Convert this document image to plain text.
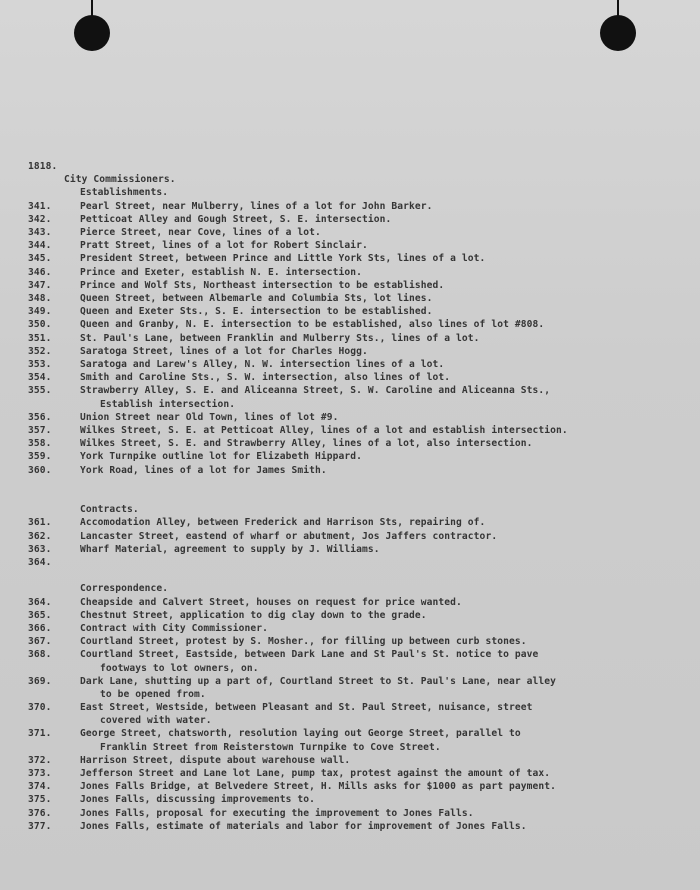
1818.
City Commissioners.
Establishments.
341.	Pearl Street, near Mulberry, lines of a lot for John Barker.
342.	Petticoat Alley and Gough Street, S. E. intersection.
343.	Pierce Street, near Cove, lines of a lot.
344.	Pratt Street, lines of a lot for Robert Sinclair.
345.	President Street, between Prince and Little York Sts, lines of a lot.
346.	Prince and Exeter, establish N. E. intersection.
347.	Prince and Wolf Sts, Northeast intersection to be established.
348.	Queen Street, between Albemarle and Columbia Sts, lot lines.
349.	Queen and Exeter Sts., S. E. intersection to be established.
350.	Queen and Granby, N. E. intersection to be established, also lines of lot #808.
351.	St. Paul's Lane, between Franklin and Mulberry Sts., lines of a lot.
352.	Saratoga Street, lines of a lot for Charles Hogg.
353.	Saratoga and Larew's Alley, N. W. intersection lines of a lot.
354.	Smith and Caroline Sts., S. W. intersection, also lines of lot.
355.	Strawberry Alley, S. E. and Aliceanna Street, S. W. Caroline and Aliceanna Sts.,
Establish intersection.
356.	Union Street near Old Town, lines of lot #9.
357.	Wilkes Street, S. E. at Petticoat Alley, lines of a lot and establish intersection.
358.	Wilkes Street, S. E. and Strawberry Alley, lines of a lot, also intersection.
359.	York Turnpike outline lot for Elizabeth Hippard.
360.	York Road, lines of a lot for James Smith.
Contracts.
361.	Accomodation Alley, between Frederick and Harrison Sts, repairing of.
362.	Lancaster Street, eastend of wharf or abutment, Jos Jaffers contractor.
363.	Wharf Material, agreement to supply by J. Williams.
364.
Correspondence.
364.	Cheapside and Calvert Street, houses on request for price wanted.
365.	Chestnut Street, application to dig clay down to the grade.
366.	Contract with City Commissioner.
367.	Courtland Street, protest by S. Mosher., for filling up between curb stones.
368.	Courtland Street, Eastside, between Dark Lane and St Paul's St. notice to pave
footways to lot owners, on.
369.	Dark Lane, shutting up a part of, Courtland Street to St. Paul's Lane, near alley
to be opened from.
370.	East Street, Westside, between Pleasant and St. Paul Street, nuisance, street
covered with water.
371.	George Street, chatsworth, resolution laying out George Street, parallel to
Franklin Street from Reisterstown Turnpike to Cove Street.
372.	Harrison Street, dispute about warehouse wall.
373.	Jefferson Street and Lane lot Lane, pump tax, protest against the amount of tax.
374.	Jones Falls Bridge, at Belvedere Street, H. Mills asks for $1000 as part payment.
375.	Jones Falls, discussing improvements to.
376.	Jones Falls, proposal for executing the improvement to Jones Falls.
377.	Jones Falls, estimate of materials and labor for improvement of Jones Falls.
